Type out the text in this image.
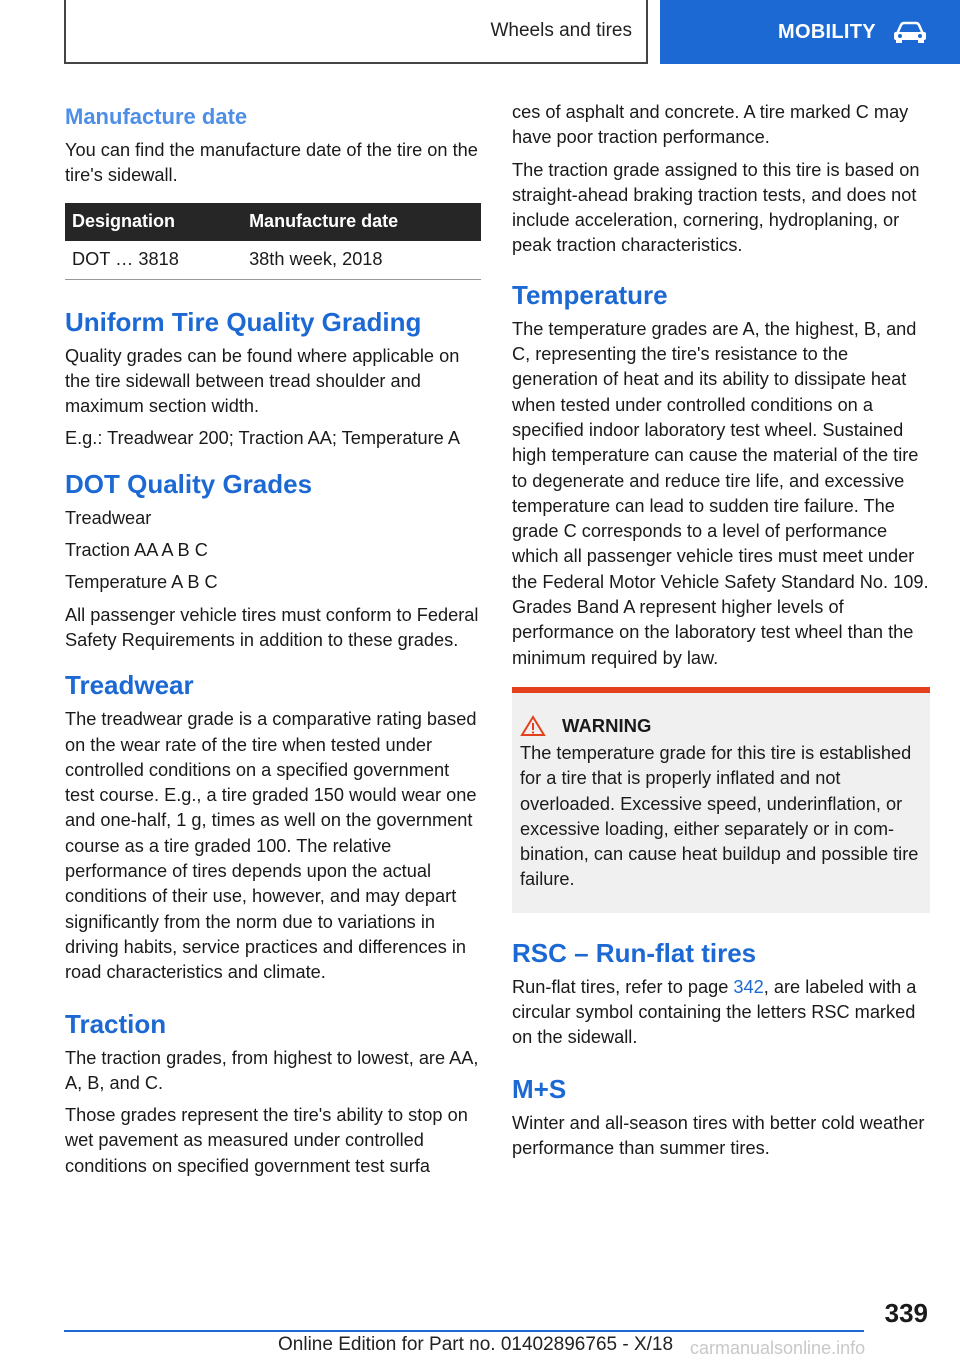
Wheels and tires	MOBILITY
Manufacture date

You can find the manufacture date of the tire on the tire's sidewall.

Designation	Manufacture date
DOT … 3818	38th week, 2018
Uniform Tire Quality Grading

Quality grades can be found where applicable on the tire sidewall between tread shoulder and maximum section width.

E.g.: Treadwear 200; Traction AA; Temperature A

DOT Quality Grades

Treadwear

Traction AA A B C

Temperature A B C

All passenger vehicle tires must conform to Federal Safety Requirements in addition to these grades.

Treadwear

The treadwear grade is a comparative rating based on the wear rate of the tire when tested under controlled conditions on a specified government test course. E.g., a tire graded 150 would wear one and one-half, 1 g, times as well on the government course as a tire graded 100. The relative performance of tires depends upon the actual conditions of their use, however, and may depart significantly from the norm due to variations in driving habits, service practices and differences in road characteristics and climate.

Traction

The traction grades, from highest to lowest, are AA, A, B, and C.

Those grades represent the tire's ability to stop on wet pavement as measured under controlled conditions on specified government test surfa

ces of asphalt and concrete. A tire marked C may have poor traction performance.

The traction grade assigned to this tire is based on straight-ahead braking traction tests, and does not include acceleration, cornering, hydroplaning, or peak traction characteristics.

Temperature

The temperature grades are A, the highest, B, and C, representing the tire's resistance to the generation of heat and its ability to dissipate heat when tested under controlled conditions on a specified indoor laboratory test wheel. Sustained high temperature can cause the material of the tire to degenerate and reduce tire life, and excessive temperature can lead to sudden tire failure. The grade C corresponds to a level of performance which all passenger vehicle tires must meet under the Federal Motor Vehicle Safety Standard No. 109. Grades Band A represent higher levels of performance on the laboratory test wheel than the minimum required by law.

WARNING

The temperature grade for this tire is established for a tire that is properly inflated and not overloaded. Excessive speed, underinflation, or excessive loading, either separately or in combination, can cause heat buildup and possible tire failure.

RSC – Run-flat tires

Run-flat tires, refer to page 342, are labeled with a circular symbol containing the letters RSC marked on the sidewall.

M+S

Winter and all-season tires with better cold weather performance than summer tires.

339
Online Edition for Part no. 01402896765 - X/18 carmanualsonline.info
